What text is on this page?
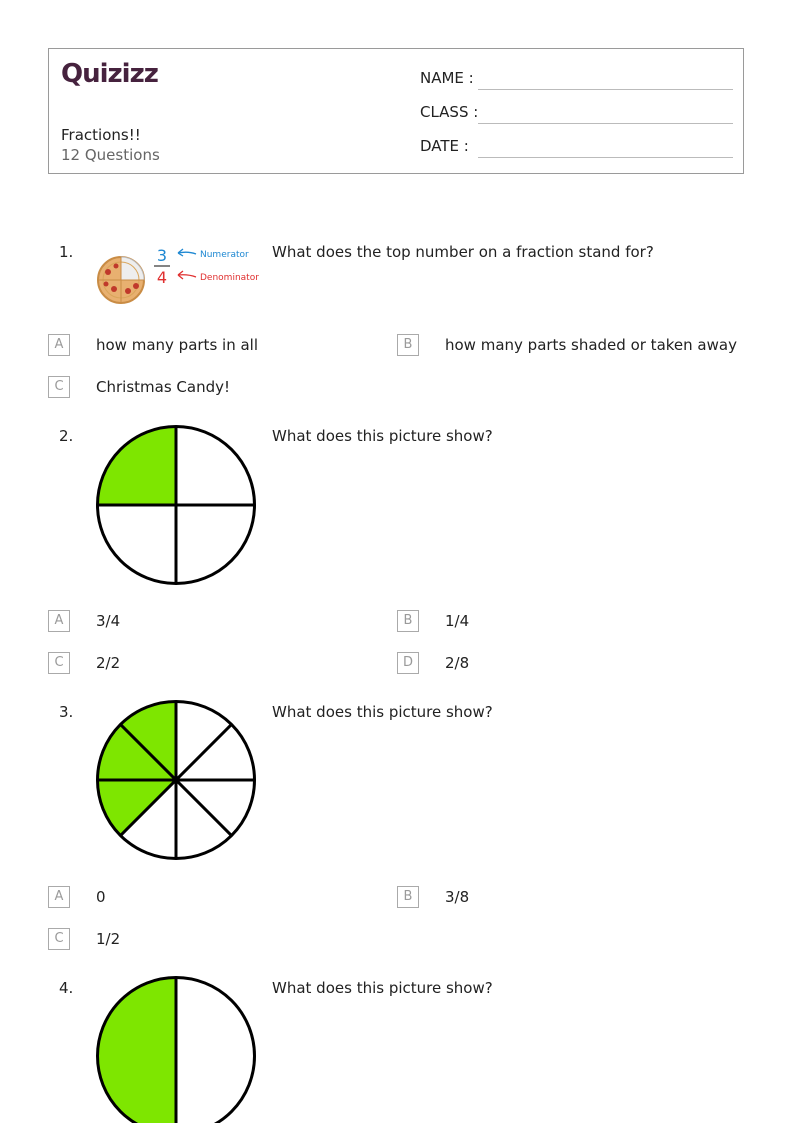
Quizizz
Fractions!!
12 Questions
NAME :
CLASS :
DATE :
1.	What does the top number on a fraction stand for?
3
4
Numerator
Denominator
A	how many parts in all	B	how many parts shaded or taken away
C	Christmas Candy!
2.	What does this picture show?
A	3/4	B	1/4
C	2/2	D	2/8
3.	What does this picture show?
A	0	B	3/8
C	1/2
4.	What does this picture show?
